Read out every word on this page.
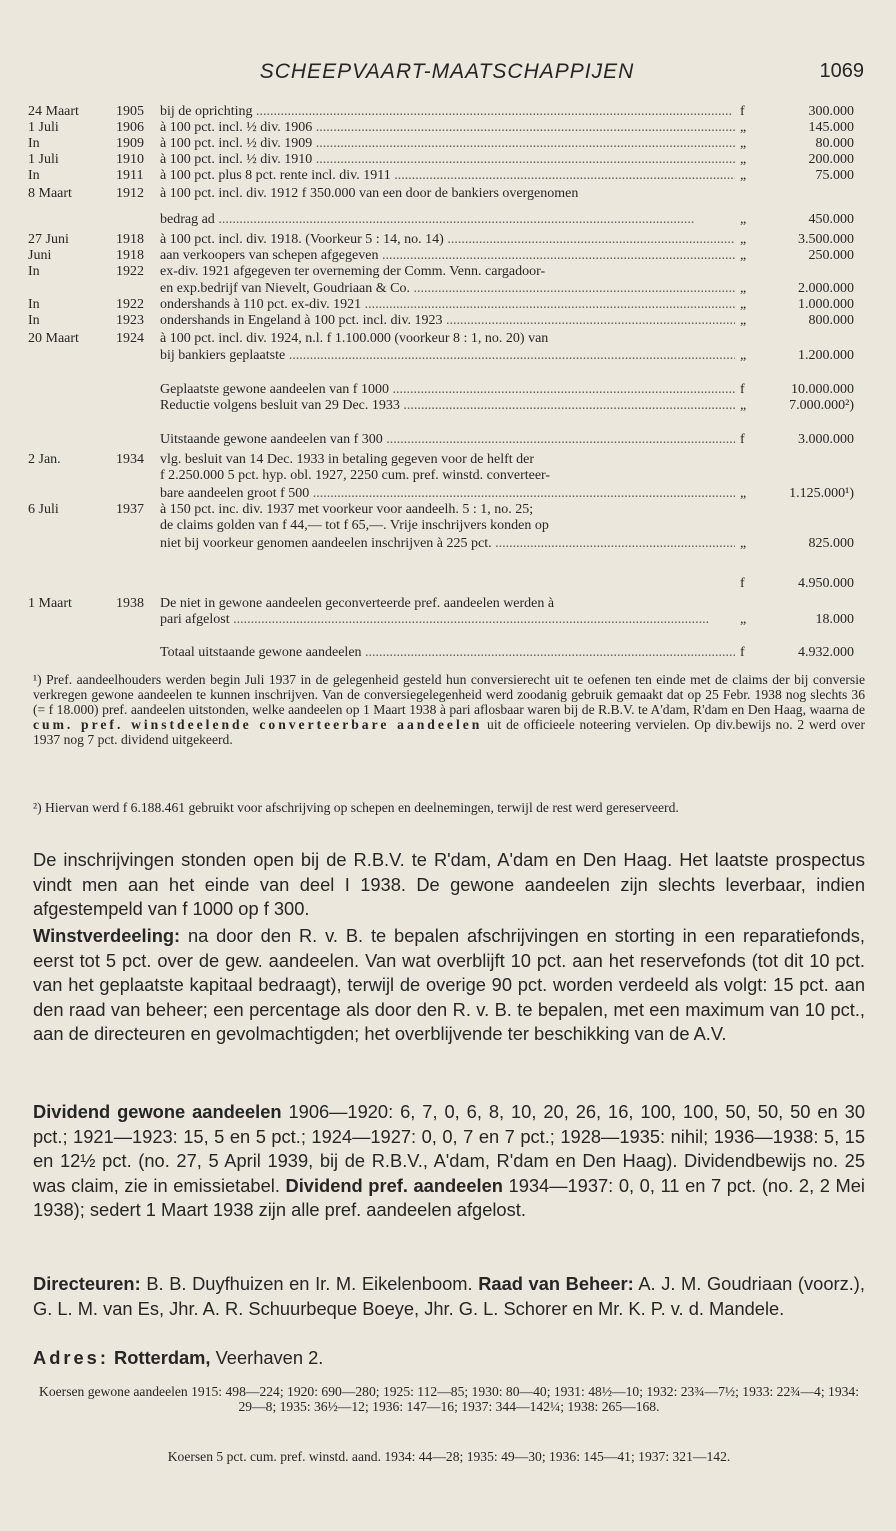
SCHEEPVAART-MAATSCHAPPIJEN	1069
24 Maart	1905	bij de oprichting .....	f	300.000
1 Juli	1906	à 100 pct. incl. ½ div. 1906 .....	„	145.000
In	1909	à 100 pct. incl. ½ div. 1909 .....	„	80.000
1 Juli	1910	à 100 pct. incl. ½ div. 1910 .....	„	200.000
In	1911	à 100 pct. plus 8 pct. rente incl. div. 1911 .....	„	75.000
8 Maart	1912	à 100 pct. incl. div. 1912 f 350.000 van een door de bankiers overgenomen
bedrag ad .....	„	450.000
27 Juni	1918	à 100 pct. incl. div. 1918. (Voorkeur 5 : 14, no. 14) .....	„	3.500.000
Juni	1918	aan verkoopers van schepen afgegeven .....	„	250.000
In	1922	ex-div. 1921 afgegeven ter overneming der Comm. Venn. cargadoor-
en exp.bedrijf van Nievelt, Goudriaan & Co. .....	„	2.000.000
In	1922	ondershands à 110 pct. ex-div. 1921 .....	„	1.000.000
In	1923	ondershands in Engeland à 100 pct. incl. div. 1923 .....	„	800.000
20 Maart	1924	à 100 pct. incl. div. 1924, n.l. f 1.100.000 (voorkeur 8 : 1, no. 20) van
bij bankiers geplaatste .....	„	1.200.000
Geplaatste gewone aandeelen van f 1000 .....	f	10.000.000
Reductie volgens besluit van 29 Dec. 1933 .....	„	7.000.000²)
Uitstaande gewone aandeelen van f 300 .....	f	3.000.000
2 Jan.	1934	vlg. besluit van 14 Dec. 1933 in betaling gegeven voor de helft der
f 2.250.000 5 pct. hyp. obl. 1927, 2250 cum. pref. winstd. converteer-
bare aandeelen groot f 500 .....	„	1.125.000¹)
6 Juli	1937	à 150 pct. inc. div. 1937 met voorkeur voor aandeelh. 5 : 1, no. 25;
de claims golden van f 44,— tot f 65,—. Vrije inschrijvers konden op
niet bij voorkeur genomen aandeelen inschrijven à 225 pct. .....	„	825.000
f	4.950.000
1 Maart	1938	De niet in gewone aandeelen geconverteerde pref. aandeelen werden à
pari afgelost .....	„	18.000
Totaal uitstaande gewone aandeelen .....	f	4.932.000
¹) Pref. aandeelhouders werden begin Juli 1937 in de gelegenheid gesteld hun conversierecht uit te oefenen ten einde met de claims der bij conversie verkregen gewone aandeelen te kunnen inschrijven. Van de conversiegelegenheid werd zoodanig gebruik gemaakt dat op 25 Febr. 1938 nog slechts 36 (= f 18.000) pref. aandeelen uitstonden, welke aandeelen op 1 Maart 1938 à pari aflosbaar waren bij de R.B.V. te A'dam, R'dam en Den Haag, waarna de cum. pref. winstdeelende converteerbare aandeelen uit de officieele noteering vervielen. Op div.bewijs no. 2 werd over 1937 nog 7 pct. dividend uitgekeerd.
²) Hiervan werd f 6.188.461 gebruikt voor afschrijving op schepen en deelnemingen, terwijl de rest werd gereserveerd.
De inschrijvingen stonden open bij de R.B.V. te R'dam, A'dam en Den Haag. Het laatste prospectus vindt men aan het einde van deel I 1938. De gewone aandeelen zijn slechts leverbaar, indien afgestempeld van f 1000 op f 300.
Winstverdeeling: na door den R. v. B. te bepalen afschrijvingen en storting in een reparatiefonds, eerst tot 5 pct. over de gew. aandeelen. Van wat overblijft 10 pct. aan het reservefonds (tot dit 10 pct. van het geplaatste kapitaal bedraagt), terwijl de overige 90 pct. worden verdeeld als volgt: 15 pct. aan den raad van beheer; een percentage als door den R. v. B. te bepalen, met een maximum van 10 pct., aan de directeuren en gevolmachtigden; het overblijvende ter beschikking van de A.V.
Dividend gewone aandeelen 1906—1920: 6, 7, 0, 6, 8, 10, 20, 26, 16, 100, 100, 50, 50, 50 en 30 pct.; 1921—1923: 15, 5 en 5 pct.; 1924—1927: 0, 0, 7 en 7 pct.; 1928—1935: nihil; 1936—1938: 5, 15 en 12½ pct. (no. 27, 5 April 1939, bij de R.B.V., A'dam, R'dam en Den Haag). Dividendbewijs no. 25 was claim, zie in emissietabel. Dividend pref. aandeelen 1934—1937: 0, 0, 11 en 7 pct. (no. 2, 2 Mei 1938); sedert 1 Maart 1938 zijn alle pref. aandeelen afgelost.
Directeuren: B. B. Duyfhuizen en Ir. M. Eikelenboom. Raad van Beheer: A. J. M. Goudriaan (voorz.), G. L. M. van Es, Jhr. A. R. Schuurbeque Boeye, Jhr. G. L. Schorer en Mr. K. P. v. d. Mandele.
Adres: Rotterdam, Veerhaven 2.
Koersen gewone aandeelen 1915: 498—224; 1920: 690—280; 1925: 112—85; 1930: 80—40; 1931: 48½—10; 1932: 23¾—7½; 1933: 22¾—4; 1934: 29—8; 1935: 36½—12; 1936: 147—16; 1937: 344—142¼; 1938: 265—168.
Koersen 5 pct. cum. pref. winstd. aand. 1934: 44—28; 1935: 49—30; 1936: 145—41; 1937: 321—142.
